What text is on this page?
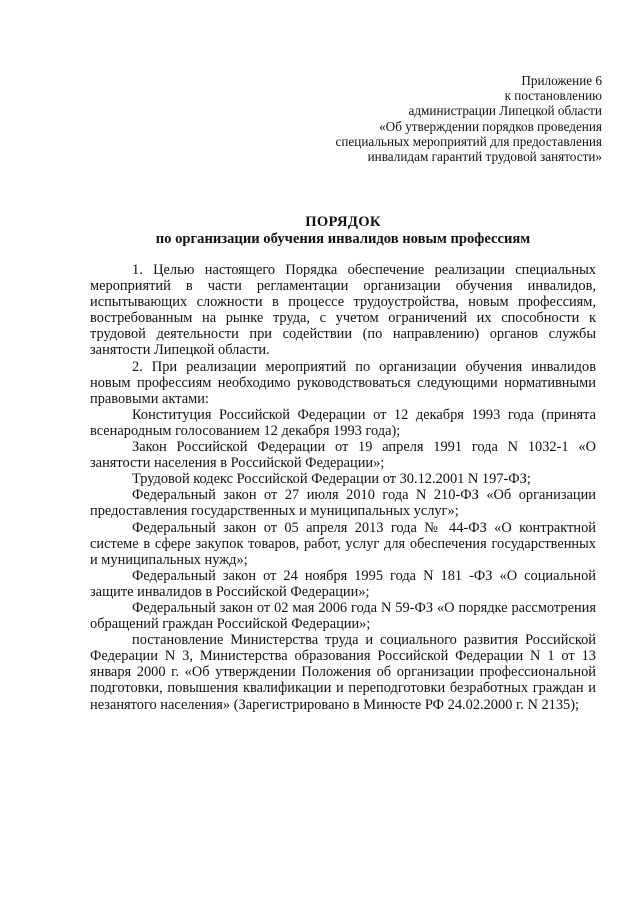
Приложение 6
к постановлению
администрации Липецкой области
«Об утверждении порядков проведения
специальных мероприятий для предоставления
инвалидам гарантий трудовой занятости»
ПОРЯДОК
по организации обучения инвалидов новым профессиям

1. Целью настоящего Порядка обеспечение реализации специальных мероприятий в части регламентации организации обучения инвалидов, испытывающих сложности в процессе трудоустройства, новым профессиям, востребованным на рынке труда, с учетом ограничений их способности к трудовой деятельности при содействии (по направлению) органов службы занятости Липецкой области.

2. При реализации мероприятий по организации обучения инвалидов новым профессиям необходимо руководствоваться следующими нормативными правовыми актами:

Конституция Российской Федерации от 12 декабря 1993 года (принята всенародным голосованием 12 декабря 1993 года);

Закон Российской Федерации от 19 апреля 1991 года N 1032-1 «О занятости населения в Российской Федерации»;

Трудовой кодекс Российской Федерации от 30.12.2001 N 197-ФЗ;

Федеральный закон от 27 июля 2010 года N 210-ФЗ «Об организации предоставления государственных и муниципальных услуг»;

Федеральный закон от 05 апреля 2013 года № 44-ФЗ «О контрактной системе в сфере закупок товаров, работ, услуг для обеспечения государственных и муниципальных нужд»;

Федеральный закон от 24 ноября 1995 года N 181 -ФЗ «О социальной защите инвалидов в Российской Федерации»;

Федеральный закон от 02 мая 2006 года N 59-ФЗ «О порядке рассмотрения обращений граждан Российской Федерации»;

постановление Министерства труда и социального развития Российской Федерации N 3, Министерства образования Российской Федерации N 1 от 13 января 2000 г. «Об утверждении Положения об организации профессиональной подготовки, повышения квалификации и переподготовки безработных граждан и незанятого населения» (Зарегистрировано в Минюсте РФ 24.02.2000 г. N 2135);
